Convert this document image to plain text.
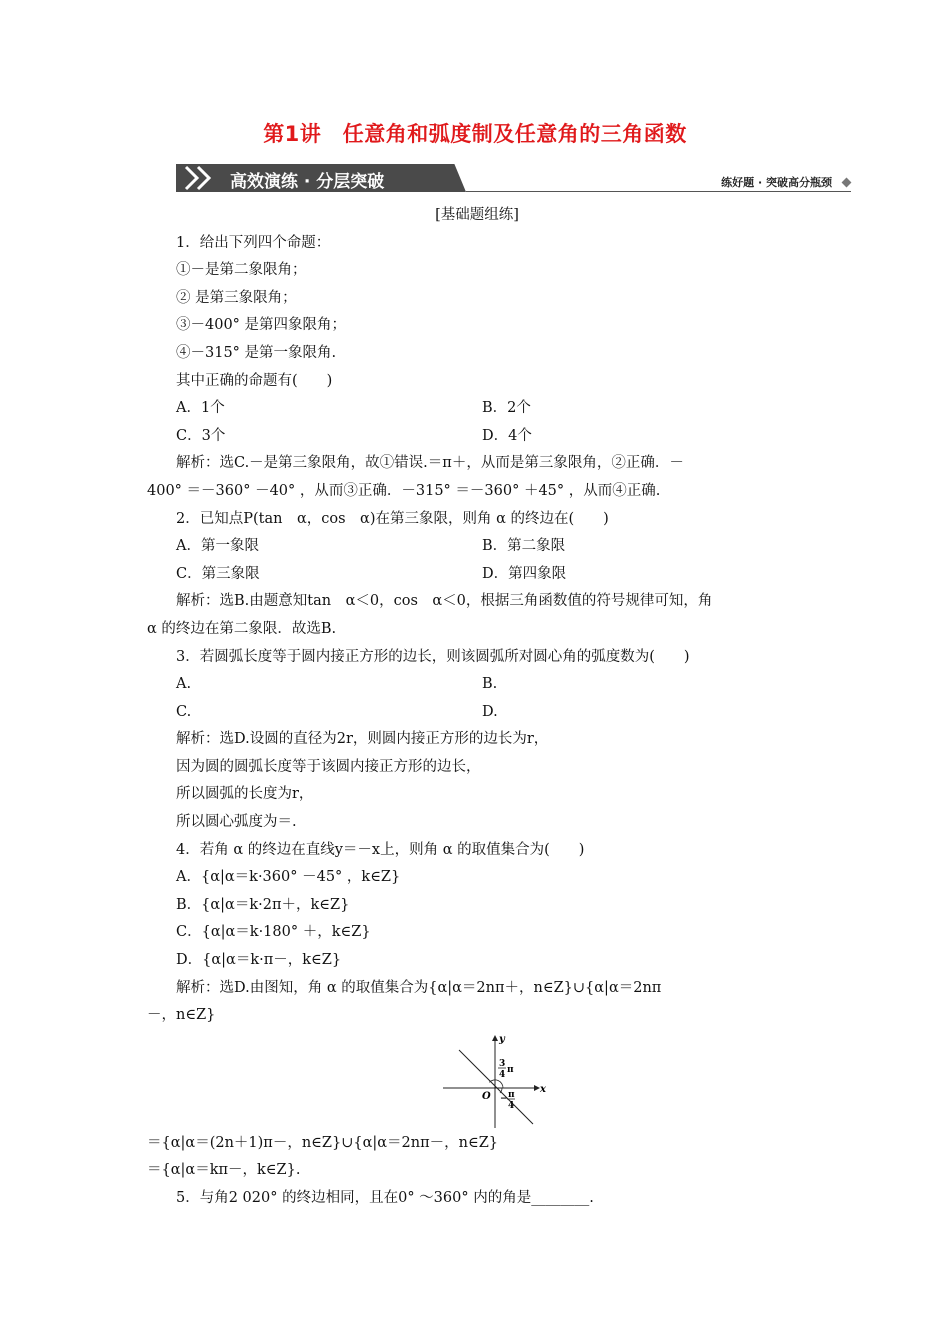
第1讲　任意角和弧度制及任意角的三角函数
高效演练 · 分层突破	练好题 · 突破高分瓶颈
[基础题组练]
1．给出下列四个命题：
①－是第二象限角；
② 是第三象限角；
③－400° 是第四象限角；
④－315° 是第一象限角.
其中正确的命题有(　　)
A．1个	B．2个
C．3个	D．4个
解析：选C.－是第三象限角，故①错误.＝π＋，从而是第三象限角，②正确．－
400° ＝－360° －40° ，从而③正确．－315° ＝－360° ＋45° ，从而④正确.
2．已知点P(tan　α，cos　α)在第三象限，则角 α 的终边在(　　)
A．第一象限	B．第二象限
C．第三象限	D．第四象限
解析：选B.由题意知tan　α＜0，cos　α＜0，根据三角函数值的符号规律可知，角
α 的终边在第二象限．故选B.
3．若圆弧长度等于圆内接正方形的边长，则该圆弧所对圆心角的弧度数为(　　)
A.	B.
C.	D.
解析：选D.设圆的直径为2r，则圆内接正方形的边长为r，
因为圆的圆弧长度等于该圆内接正方形的边长，
所以圆弧的长度为r，
所以圆心弧度为＝.
4．若角 α 的终边在直线y＝－x上，则角 α 的取值集合为(　　)
A．{α|α＝k·360° －45° ，k∈Z}
B．{α|α＝k·2π＋，k∈Z}
C．{α|α＝k·180° ＋，k∈Z}
D．{α|α＝k·π－，k∈Z}
解析：选D.由图知，角 α 的取值集合为{α|α＝2nπ＋，n∈Z}∪{α|α＝2nπ
－，n∈Z}
y
x
O
3
4 π
− π
4
＝{α|α＝(2n＋1)π－，n∈Z}∪{α|α＝2nπ－，n∈Z}
＝{α|α＝kπ－，k∈Z}.
5．与角2 020° 的终边相同，且在0° ～360° 内的角是________.
